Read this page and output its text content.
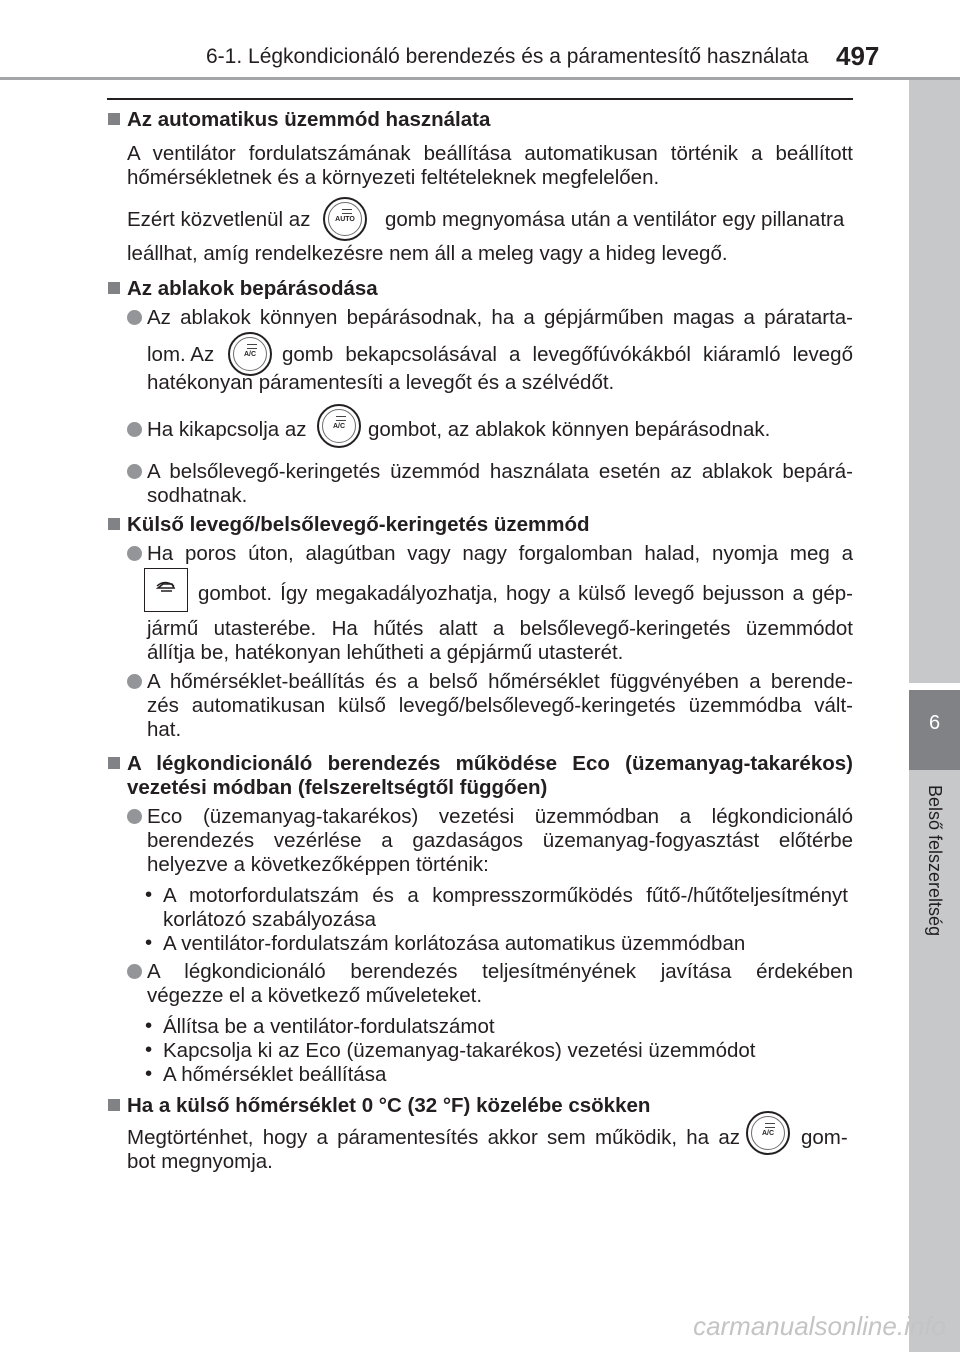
6-1. Légkondicionáló berendezés és a páramentesítő használata 497
6
Belső felszereltség
Az automatikus üzemmód használata
A ventilátor fordulatszámának beállítása automatikusan történik a beállított
hőmérsékletnek és a környezeti feltételeknek megfelelően.
Ezért közvetlenül az	AUTO	gomb megnyomása után a ventilátor egy pillanatra
leállhat, amíg rendelkezésre nem áll a meleg vagy a hideg levegő.
Az ablakok bepárásodása
Az ablakok könnyen bepárásodnak, ha a gépjárműben magas a páratarta-
lom. Az	A/C	gomb bekapcsolásával a levegőfúvókákból kiáramló levegő
hatékonyan páramentesíti a levegőt és a szélvédőt.
Ha kikapcsolja az	A/C	gombot, az ablakok könnyen bepárásodnak.
A belsőlevegő-keringetés üzemmód használata esetén az ablakok bepárá-
sodhatnak.
Külső levegő/belsőlevegő-keringetés üzemmód
Ha poros úton, alagútban vagy nagy forgalomban halad, nyomja meg a
gombot. Így megakadályozhatja, hogy a külső levegő bejusson a gép-
jármű utasterébe. Ha hűtés alatt a belsőlevegő-keringetés üzemmódot
állítja be, hatékonyan lehűtheti a gépjármű utasterét.
A hőmérséklet-beállítás és a belső hőmérséklet függvényében a berende-
zés automatikusan külső levegő/belsőlevegő-keringetés üzemmódba vált-
hat.
A légkondicionáló berendezés működése Eco (üzemanyag-takarékos)
vezetési módban (felszereltségtől függően)
Eco (üzemanyag-takarékos) vezetési üzemmódban a légkondicionáló
berendezés vezérlése a gazdaságos üzemanyag-fogyasztást előtérbe
helyezve a következőképpen történik:
• A motorfordulatszám és a kompresszorműködés fűtő-/hűtőteljesítményt
korlátozó szabályozása
• A ventilátor-fordulatszám korlátozása automatikus üzemmódban
A légkondicionáló berendezés teljesítményének javítása érdekében
végezze el a következő műveleteket.
• Állítsa be a ventilátor-fordulatszámot
• Kapcsolja ki az Eco (üzemanyag-takarékos) vezetési üzemmódot
• A hőmérséklet beállítása
Ha a külső hőmérséklet 0 °C (32 °F) közelébe csökken
Megtörténhet, hogy a páramentesítés akkor sem működik, ha az	A/C	gom-
bot megnyomja.
carmanualsonline.info
